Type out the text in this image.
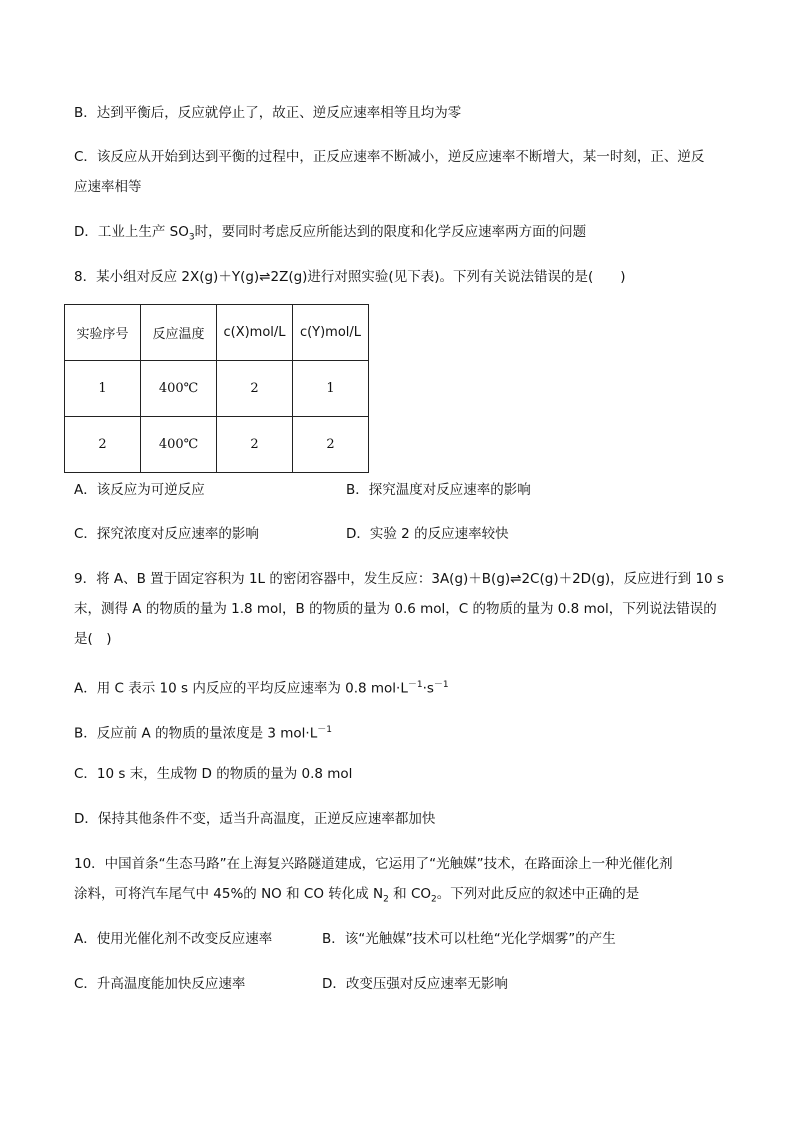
B．达到平衡后，反应就停止了，故正、逆反应速率相等且均为零
C．该反应从开始到达到平衡的过程中，正反应速率不断减小，逆反应速率不断增大，某一时刻，正、逆反
应速率相等
D．工业上生产 $SO_3$时，要同时考虑反应所能达到的限度和化学反应速率两方面的问题
8．某小组对反应 2X(g)＋Y(g)⇌2Z(g)进行对照实验(见下表)。下列有关说法错误的是(　　)
实验序号	反应温度	c(X)mol/L	c(Y)mol/L
1	400℃	2	1
2	400℃	2	2
A．该反应为可逆反应	B．探究温度对反应速率的影响
C．探究浓度对反应速率的影响	D．实验 2 的反应速率较快
9．将 A、B 置于固定容积为 1L 的密闭容器中，发生反应：3A(g)＋B(g)⇌2C(g)＋2D(g)，反应进行到 10 s
末，测得 A 的物质的量为 1.8 mol，B 的物质的量为 0.6 mol，C 的物质的量为 0.8 mol，下列说法错误的
是(　)
A．用 C 表示 10 s 内反应的平均反应速率为 0.8 $mol\cdot L^{-1}\cdot s^{-1}$
B．反应前 A 的物质的量浓度是 3 $mol\cdot L^{-1}$
C．10 s 末，生成物 D 的物质的量为 0.8 mol
D．保持其他条件不变，适当升高温度，正逆反应速率都加快
10．中国首条“生态马路”在上海复兴路隧道建成，它运用了“光触媒”技术，在路面涂上一种光催化剂
涂料，可将汽车尾气中 45%的 NO 和 CO 转化成 $N_2$ 和 $CO_2$。下列对此反应的叙述中正确的是
A．使用光催化剂不改变反应速率	B．该“光触媒”技术可以杜绝“光化学烟雾”的产生
C．升高温度能加快反应速率	D．改变压强对反应速率无影响
